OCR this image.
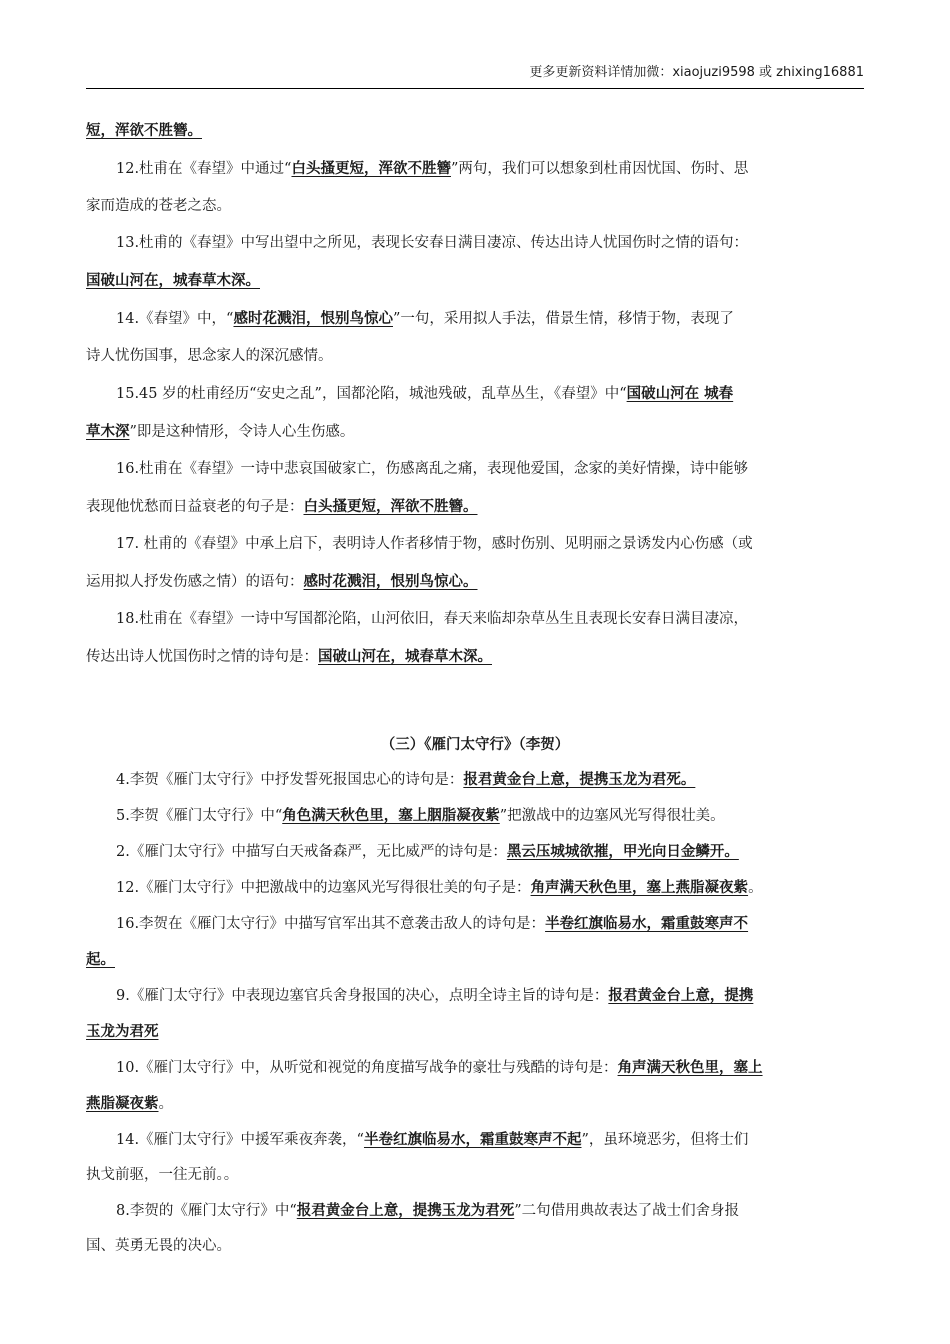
更多更新资料详情加微：xiaojuzi9598 或 zhixing16881

短，浑欲不胜簪。

12.杜甫在《春望》中通过“白头搔更短，浑欲不胜簪”两句，我们可以想象到杜甫因忧国、伤时、思

家而造成的苍老之态。

13.杜甫的《春望》中写出望中之所见，表现长安春日满目凄凉、传达出诗人忧国伤时之情的语句：

国破山河在，城春草木深。

14.《春望》中，“感时花溅泪，恨别鸟惊心”一句，采用拟人手法，借景生情，移情于物，表现了

诗人忧伤国事，思念家人的深沉感情。

15.45 岁的杜甫经历“安史之乱”，国都沦陷，城池残破，乱草丛生，《春望》中“国破山河在 城春

草木深”即是这种情形，令诗人心生伤感。

16.杜甫在《春望》一诗中悲哀国破家亡，伤感离乱之痛，表现他爱国，念家的美好情操，诗中能够

表现他忧愁而日益衰老的句子是：白头搔更短，浑欲不胜簪。

17. 杜甫的《春望》中承上启下，表明诗人作者移情于物，感时伤别、见明丽之景诱发内心伤感（或

运用拟人抒发伤感之情）的语句：感时花溅泪，恨别鸟惊心。

18.杜甫在《春望》一诗中写国都沦陷，山河依旧，春天来临却杂草丛生且表现长安春日满目凄凉，

传达出诗人忧国伤时之情的诗句是：国破山河在，城春草木深。

（三）《雁门太守行》（李贺）

4.李贺《雁门太守行》中抒发誓死报国忠心的诗句是：报君黄金台上意，提携玉龙为君死。

5.李贺《雁门太守行》中“角色满天秋色里，塞上胭脂凝夜紫”把激战中的边塞风光写得很壮美。

2.《雁门太守行》中描写白天戒备森严，无比威严的诗句是：黑云压城城欲摧，甲光向日金鳞开。

12.《雁门太守行》中把激战中的边塞风光写得很壮美的句子是：角声满天秋色里，塞上燕脂凝夜紫。

16.李贺在《雁门太守行》中描写官军出其不意袭击敌人的诗句是：半卷红旗临易水，霜重鼓寒声不

起。

9.《雁门太守行》中表现边塞官兵舍身报国的决心，点明全诗主旨的诗句是：报君黄金台上意，提携

玉龙为君死

10.《雁门太守行》中，从听觉和视觉的角度描写战争的豪壮与残酷的诗句是：角声满天秋色里，塞上

燕脂凝夜紫。

14.《雁门太守行》中援军乘夜奔袭，“半卷红旗临易水，霜重鼓寒声不起”，虽环境恶劣，但将士们

执戈前驱，一往无前。。

8.李贺的《雁门太守行》中“报君黄金台上意，提携玉龙为君死”二句借用典故表达了战士们舍身报

国、英勇无畏的决心。
